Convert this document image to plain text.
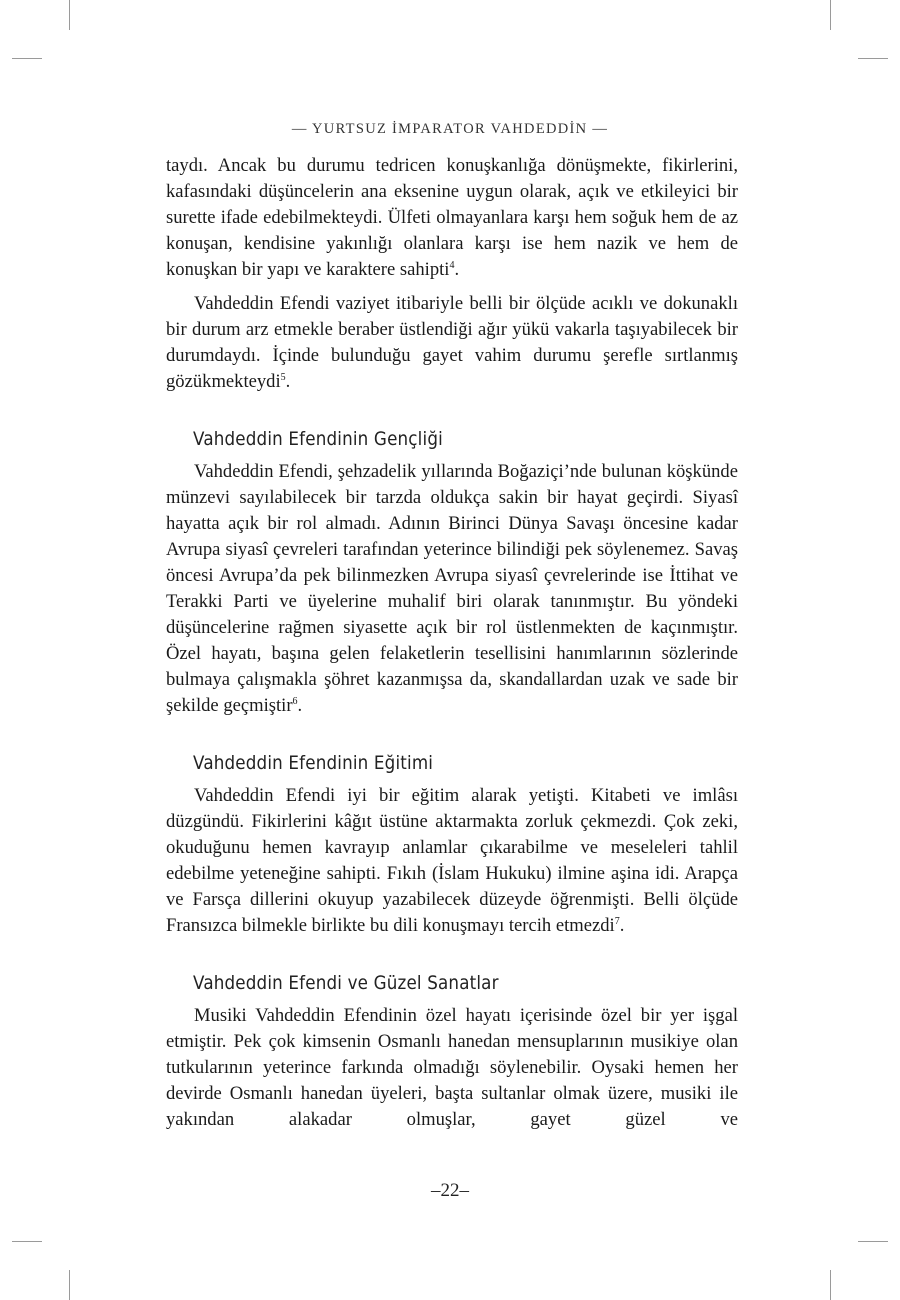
— YURTSUZ İMPARATOR VAHDEDDİN —

taydı. Ancak bu durumu tedricen konuşkanlığa dönüşmekte, fikirlerini, kafasındaki düşüncelerin ana eksenine uygun olarak, açık ve etkileyici bir surette ifade edebilmekteydi. Ülfeti olmayanlara karşı hem soğuk hem de az konuşan, kendisine yakınlığı olanlara karşı ise hem nazik ve hem de konuşkan bir yapı ve karaktere sahipti$^4$.

Vahdeddin Efendi vaziyet itibariyle belli bir ölçüde acıklı ve dokunaklı bir durum arz etmekle beraber üstlendiği ağır yükü vakarla taşıyabilecek bir durumdaydı. İçinde bulunduğu gayet vahim durumu şerefle sırtlanmış gözükmekteydi$^5$.

Vahdeddin Efendinin Gençliği

Vahdeddin Efendi, şehzadelik yıllarında Boğaziçi’nde bulunan köşkünde münzevi sayılabilecek bir tarzda oldukça sakin bir hayat geçirdi. Siyasî hayatta açık bir rol almadı. Adının Birinci Dünya Savaşı öncesine kadar Avrupa siyasî çevreleri tarafından yeterince bilindiği pek söylenemez. Savaş öncesi Avrupa’da pek bilinmezken Avrupa siyasî çevrelerinde ise İttihat ve Terakki Parti ve üyelerine muhalif biri olarak tanınmıştır. Bu yöndeki düşüncelerine rağmen siyasette açık bir rol üstlenmekten de kaçınmıştır. Özel hayatı, başına gelen felaketlerin tesellisini hanımlarının sözlerinde bulmaya çalışmakla şöhret kazanmışsa da, skandallardan uzak ve sade bir şekilde geçmiştir$^6$.

Vahdeddin Efendinin Eğitimi

Vahdeddin Efendi iyi bir eğitim alarak yetişti. Kitabeti ve imlâsı düzgündü. Fikirlerini kâğıt üstüne aktarmakta zorluk çekmezdi. Çok zeki, okuduğunu hemen kavrayıp anlamlar çıkarabilme ve meseleleri tahlil edebilme yeteneğine sahipti. Fıkıh (İslam Hukuku) ilmine aşina idi. Arapça ve Farsça dillerini okuyup yazabilecek düzeyde öğrenmişti. Belli ölçüde Fransızca bilmekle birlikte bu dili konuşmayı tercih etmezdi$^7$.

Vahdeddin Efendi ve Güzel Sanatlar

Musiki Vahdeddin Efendinin özel hayatı içerisinde özel bir yer işgal etmiştir. Pek çok kimsenin Osmanlı hanedan mensuplarının musikiye olan tutkularının yeterince farkında olmadığı söylenebilir. Oysaki hemen her devirde Osmanlı hanedan üyeleri, başta sultanlar olmak üzere, musiki ile yakından alakadar olmuşlar, gayet güzel ve

–22–
